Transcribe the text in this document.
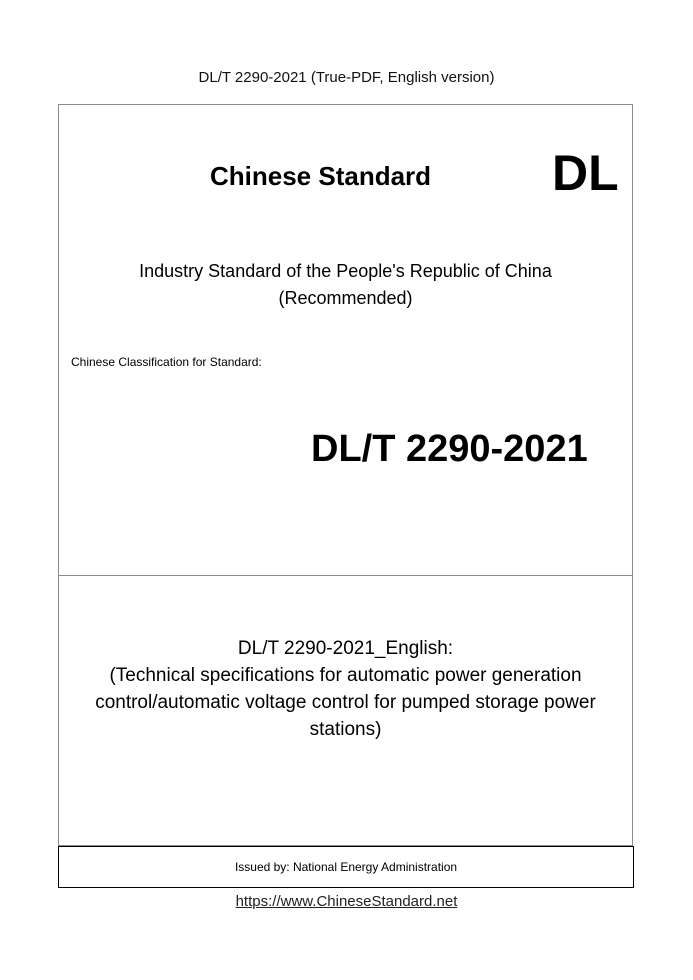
DL/T 2290-2021 (True-PDF, English version)
Chinese Standard DL
Industry Standard of the People's Republic of China
(Recommended)
Chinese Classification for Standard:
DL/T 2290-2021
DL/T 2290-2021_English:
(Technical specifications for automatic power generation
control/automatic voltage control for pumped storage power
stations)
Issued by: National Energy Administration
https://www.ChineseStandard.net
